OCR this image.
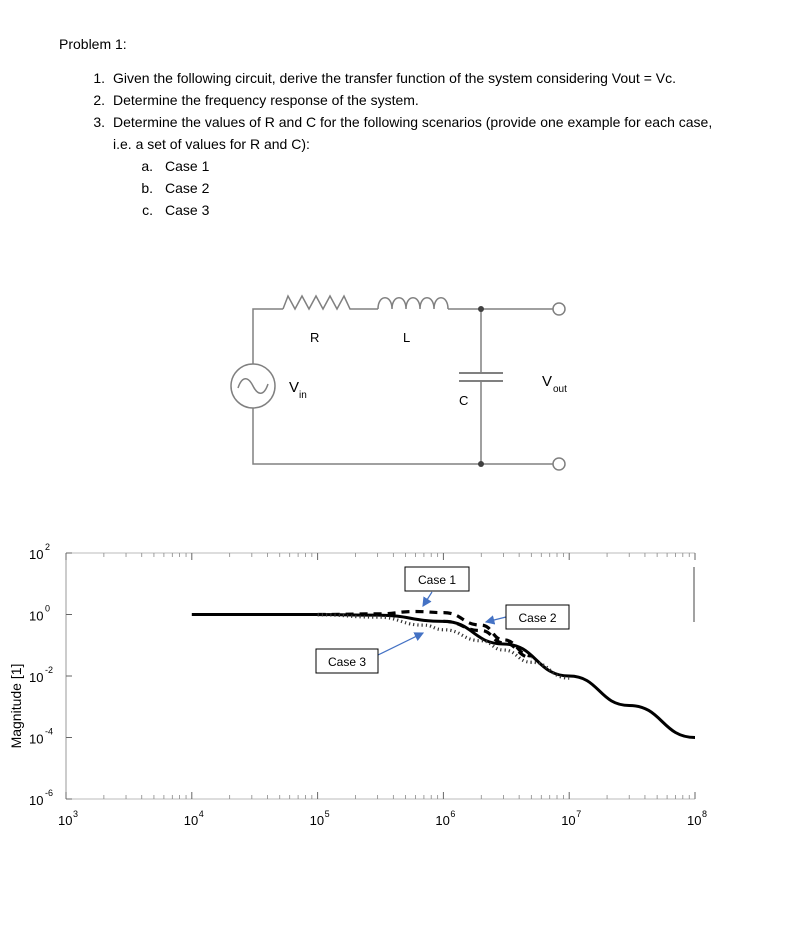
Problem 1:
1. Given the following circuit, derive the transfer function of the system considering Vout = Vc.
2. Determine the frequency response of the system.
3. Determine the values of R and C for the following scenarios (provide one example for each case,
i.e. a set of values for R and C):
a. Case 1
b. Case 2
c. Case 3
R	L
C
V in
V out
Magnitude [1]
10 3	10 4	10 5	10 6	10 7	10 8
10 2
10 0
10 -2
10 -4
10 -6
Case 1
Case 2
Case 3
